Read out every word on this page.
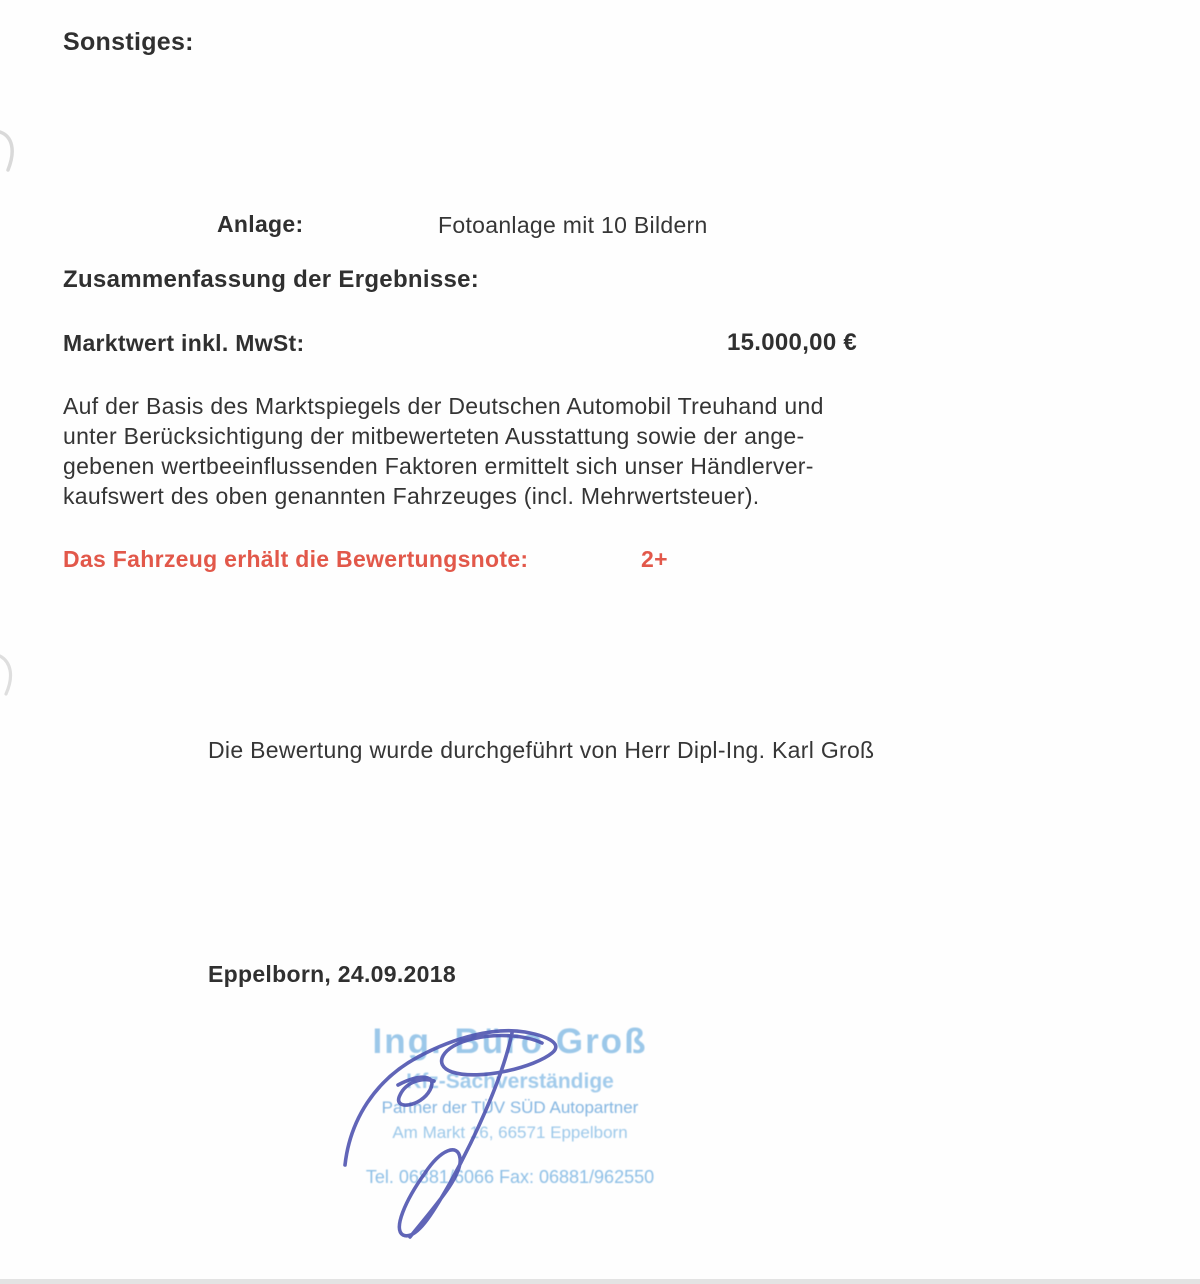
Sonstiges:
Anlage:	Fotoanlage mit 10 Bildern
Zusammenfassung der Ergebnisse:
Marktwert inkl. MwSt:	15.000,00 €
Auf der Basis des Marktspiegels der Deutschen Automobil Treuhand und
unter Berücksichtigung der mitbewerteten Ausstattung sowie der ange-
gebenen wertbeeinflussenden Faktoren ermittelt sich unser Händlerver-
kaufswert des oben genannten Fahrzeuges (incl. Mehrwertsteuer).
Das Fahrzeug erhält die Bewertungsnote:	2+
Die Bewertung wurde durchgeführt von Herr Dipl-Ing. Karl Groß
Eppelborn, 24.09.2018
Ing. Büro Groß
Kfz-Sachverständige
Partner der TÜV SÜD Autopartner
Am Markt 16, 66571 Eppelborn
Tel. 06881/6066 Fax: 06881/962550
